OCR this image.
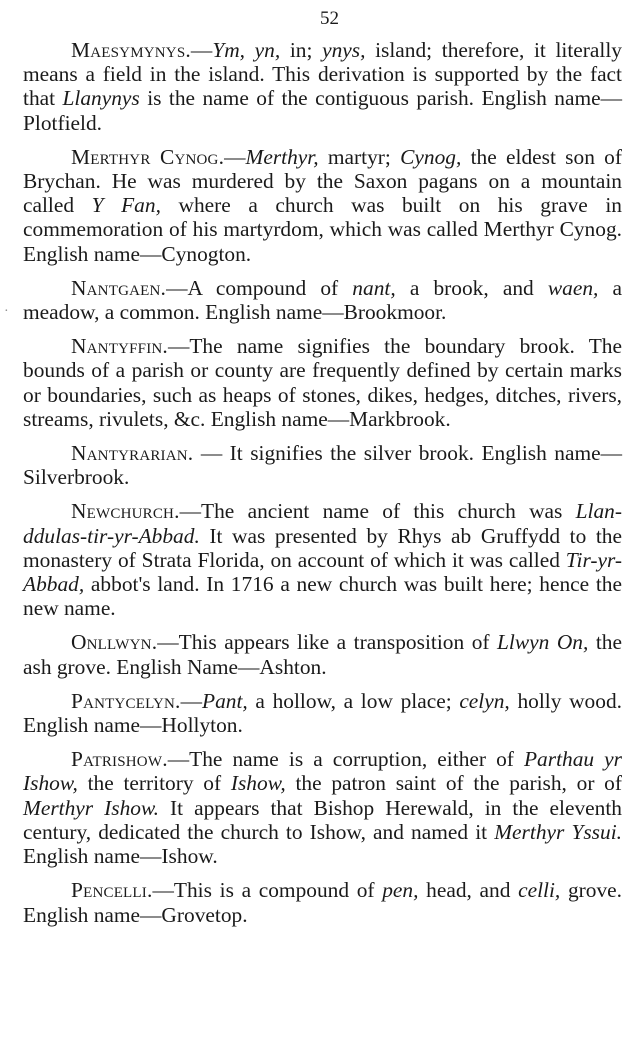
52

Maesymynys.—Ym, yn, in; ynys, island; therefore, it literally means a field in the island. This derivation is supported by the fact that Llanynys is the name of the contiguous parish. English name—Plotfield.

Merthyr Cynog.—Merthyr, martyr; Cynog, the eldest son of Brychan. He was murdered by the Saxon pagans on a mountain called Y Fan, where a church was built on his grave in commemoration of his martyrdom, which was called Merthyr Cynog. English name—Cynogton.

Nantgaen.—A compound of nant, a brook, and waen, a meadow, a common. English name—Brookmoor.

Nantyffin.—The name signifies the boundary brook. The bounds of a parish or county are frequently defined by certain marks or boundaries, such as heaps of stones, dikes, hedges, ditches, rivers, streams, rivulets, &c. English name—Markbrook.

Nantyrarian. — It signifies the silver brook. English name—Silverbrook.

Newchurch.—The ancient name of this church was Llan-ddulas-tir-yr-Abbad. It was presented by Rhys ab Gruffydd to the monastery of Strata Florida, on account of which it was called Tir-yr-Abbad, abbot's land. In 1716 a new church was built here; hence the new name.

Onllwyn.—This appears like a transposition of Llwyn On, the ash grove. English Name—Ashton.

Pantycelyn.—Pant, a hollow, a low place; celyn, holly wood. English name—Hollyton.

Patrishow.—The name is a corruption, either of Parthau yr Ishow, the territory of Ishow, the patron saint of the parish, or of Merthyr Ishow. It appears that Bishop Herewald, in the eleventh century, dedicated the church to Ishow, and named it Merthyr Yssui. English name—Ishow.

Pencelli.—This is a compound of pen, head, and celli, grove. English name—Grovetop.

·
